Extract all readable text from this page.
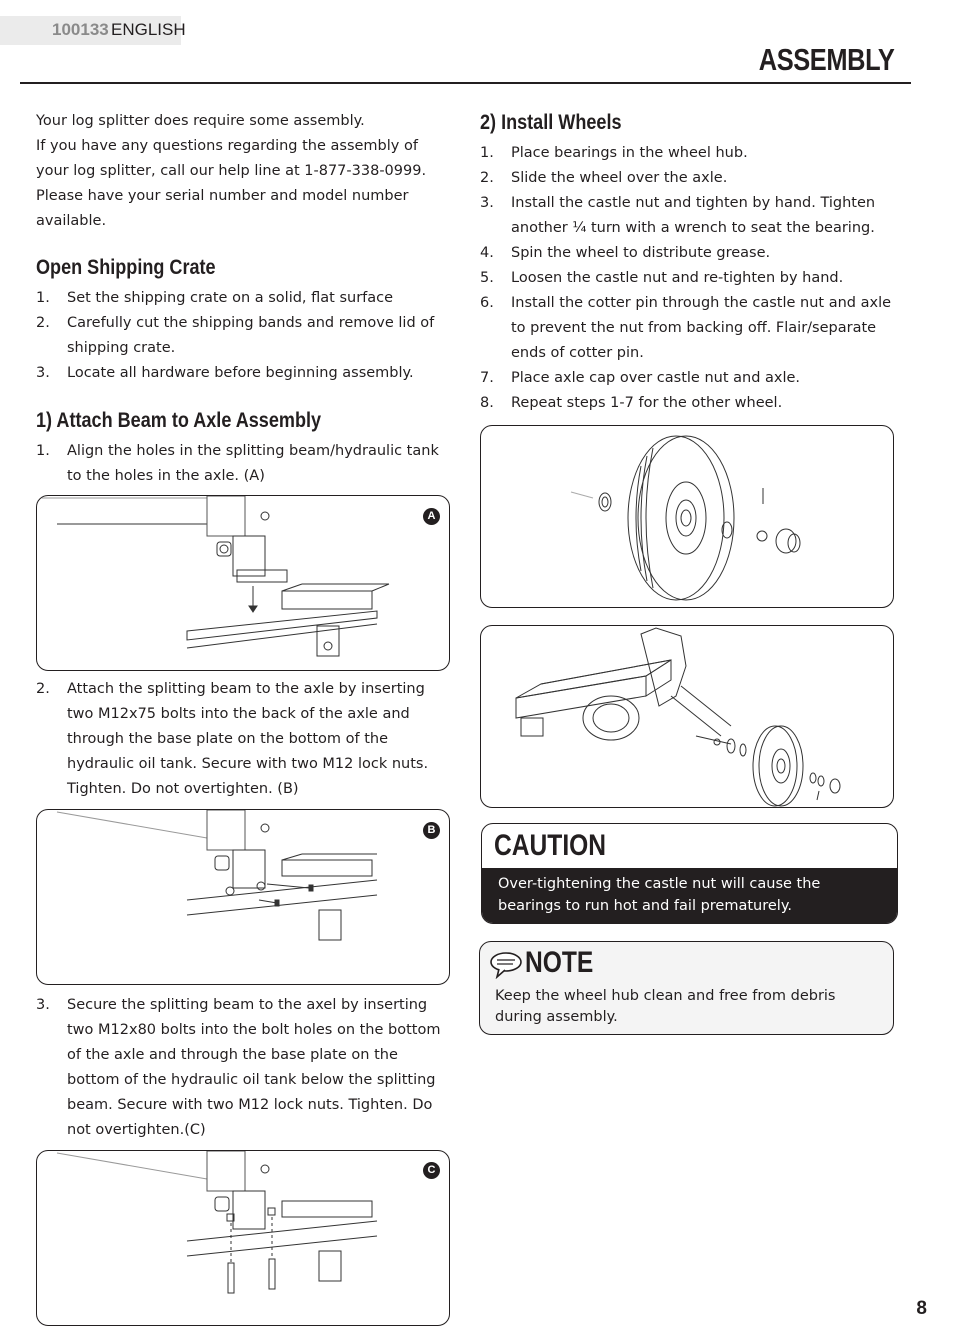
100133 ENGLISH
ASSEMBLY

Your log splitter does require some assembly.

If you have any questions regarding the assembly of

your log splitter, call our help line at 1-877-338-0999.

Please have your serial number and model number

available.

Open Shipping Crate
1. Set the shipping crate on a solid, flat surface
2. Carefully cut the shipping bands and remove lid of shipping crate.
3. Locate all hardware before beginning assembly.
1) Attach Beam to Axle Assembly
1. Align the holes in the splitting beam/hydraulic tank to the holes in the axle. (A)
A
2. Attach the splitting beam to the axle by inserting two M12x75 bolts into the back of the axle and through the base plate on the bottom of the hydraulic oil tank. Secure with two M12 lock nuts. Tighten. Do not overtighten. (B)
B
3. Secure the splitting beam to the axel by inserting two M12x80 bolts into the bolt holes on the bottom of the axle and through the base plate on the bottom of the hydraulic oil tank below the splitting beam. Secure with two M12 lock nuts. Tighten. Do not overtighten.(C)
C
2) Install Wheels
1. Place bearings in the wheel hub.
2. Slide the wheel over the axle.
3. Install the castle nut and tighten by hand. Tighten another ¼ turn with a wrench to seat the bearing.
4. Spin the wheel to distribute grease.
5. Loosen the castle nut and re-tighten by hand.
6. Install the cotter pin through the castle nut and axle to prevent the nut from backing off. Flair/separate ends of cotter pin.
7. Place axle cap over castle nut and axle.
8. Repeat steps 1-7 for the other wheel.
CAUTION
Over-tightening the castle nut will cause the bearings to run hot and fail prematurely.
NOTE
Keep the wheel hub clean and free from debris during assembly.
8
